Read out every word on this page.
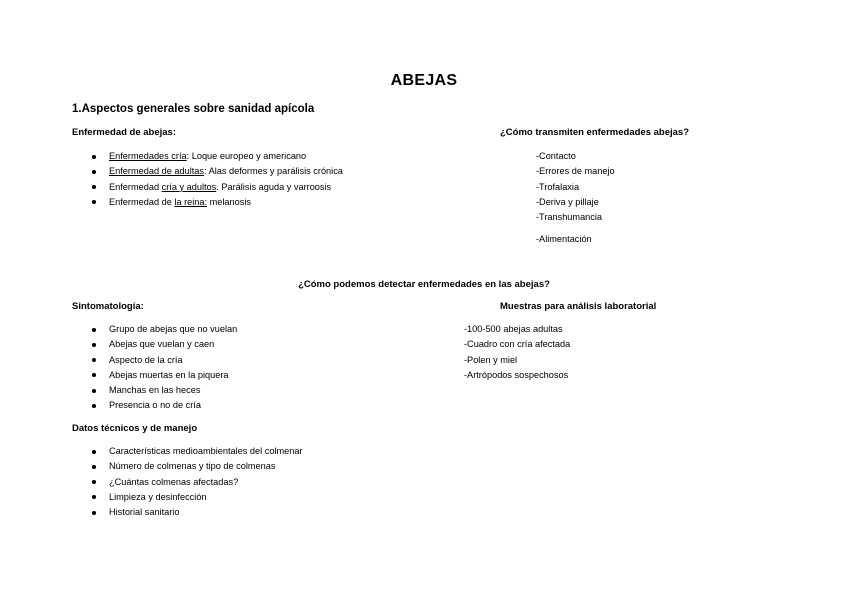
ABEJAS
1.Aspectos generales sobre sanidad apícola
Enfermedad de abejas:
Enfermedades cría: Loque europeo y americano
Enfermedad de adultas: Alas deformes y parálisis crónica
Enfermedad cría y adultos. Parálisis aguda y varroosis
Enfermedad de la reina: melanosis
¿Cómo transmiten enfermedades abejas?
-Contacto
-Errores de manejo
-Trofalaxia
-Deriva y pillaje
-Transhumancia
-Alimentación
¿Cómo podemos detectar enfermedades en las abejas?
Sintomatología:
Grupo de abejas que no vuelan
Abejas que vuelan y caen
Aspecto de la cría
Abejas muertas en la piquera
Manchas en las heces
Presencia o no de cría
Muestras para análisis laboratorial
-100-500 abejas adultas
-Cuadro con cría afectada
-Polen y miel
-Artrópodos sospechosos
Datos técnicos y de manejo
Características medioambientales del colmenar
Número de colmenas y tipo de colmenas
¿Cuántas colmenas afectadas?
Limpieza y desinfección
Historial sanitario
